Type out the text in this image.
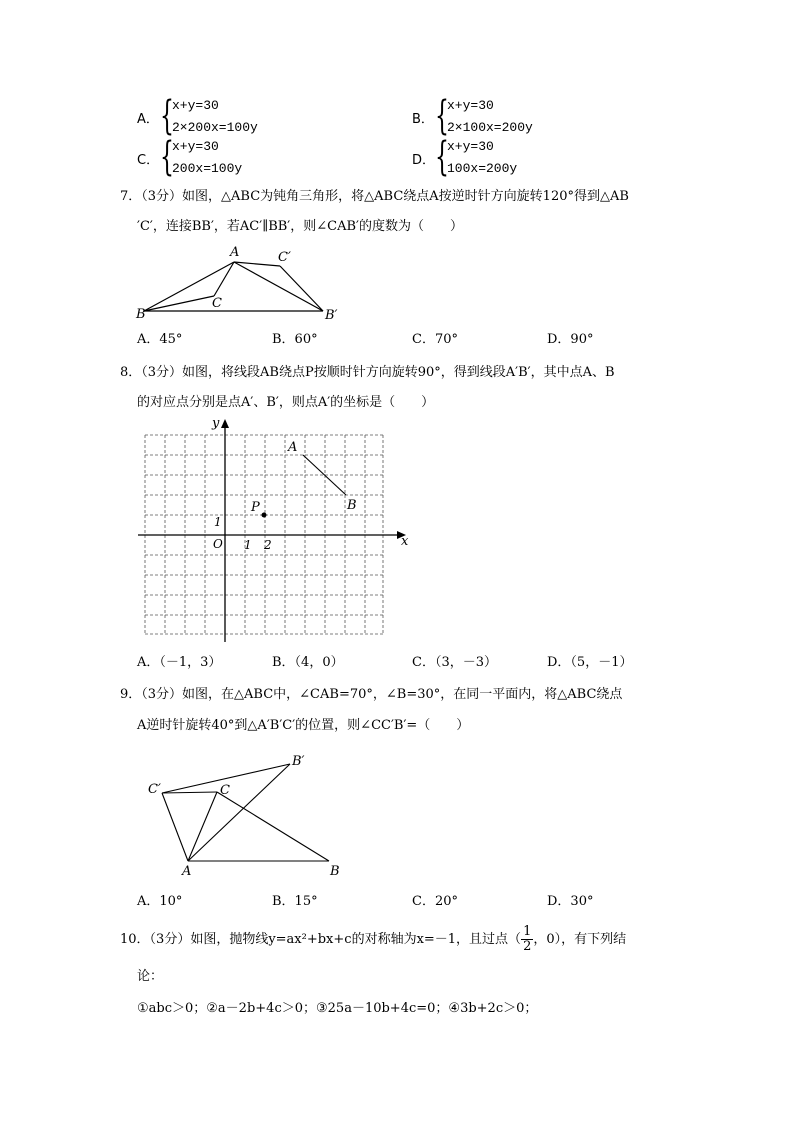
A． {
x+y=30
2×200x=100y
B． {
x+y=30
2×100x=200y
C． {
x+y=30
200x=100y
D． {
x+y=30
100x=200y
7．（3分）如图，△ABC为钝角三角形，将△ABC绕点A按逆时针方向旋转120°得到△AB
′C′，连接BB′，若AC′∥BB′，则∠CAB′的度数为（　　）
A	C′
B
C
B′
A．45°	B．60°	C．70°	D．90°
8．（3分）如图，将线段AB绕点P按顺时针方向旋转90°，得到线段A′B′，其中点A、B
的对应点分别是点A′、B′，则点A′的坐标是（　　）
y
x
O
1
1 2
A
B
P
A．（－1，3）	B．（4，0）	C．（3，－3）	D．（5，－1）
9．（3分）如图，在△ABC中，∠CAB=70°，∠B=30°，在同一平面内，将△ABC绕点
A逆时针旋转40°到△A′B′C′的位置，则∠CC′B′=（　　）
B′
C′	C
A	B
A．10°	B．15°	C．20°	D．30°
10．（3分）如图，抛物线y=ax²+bx+c的对称轴为x=－1，且过点（ $\frac{1}{2}$ ，0），有下列结
论：
①abc＞0；②a－2b+4c＞0；③25a－10b+4c=0；④3b+2c＞0；
